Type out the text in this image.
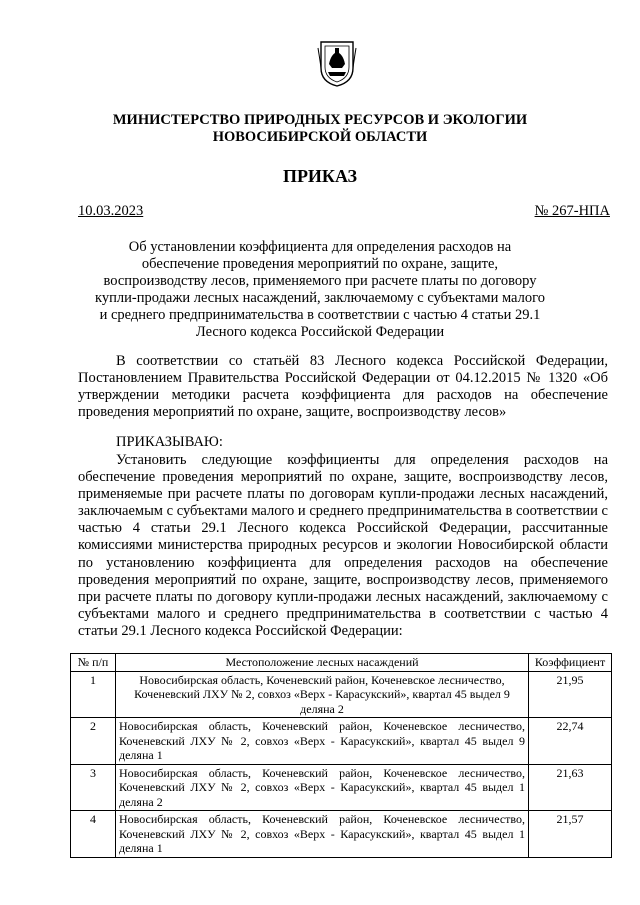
МИНИСТЕРСТВО ПРИРОДНЫХ РЕСУРСОВ И ЭКОЛОГИИ
НОВОСИБИРСКОЙ ОБЛАСТИ
ПРИКАЗ
10.03.2023	№ 267-НПА
Об установлении коэффициента для определения расходов на обеспечение проведения мероприятий по охране, защите, воспроизводству лесов, применяемого при расчете платы по договору купли-продажи лесных насаждений, заключаемому с субъектами малого и среднего предпринимательства в соответствии с частью 4 статьи 29.1 Лесного кодекса Российской Федерации
В соответствии со статьёй 83 Лесного кодекса Российской Федерации, Постановлением Правительства Российской Федерации от 04.12.2015 № 1320 «Об утверждении методики расчета коэффициента для расходов на обеспечение проведения мероприятий по охране, защите, воспроизводству лесов»
ПРИКАЗЫВАЮ:
Установить следующие коэффициенты для определения расходов на обеспечение проведения мероприятий по охране, защите, воспроизводству лесов, применяемые при расчете платы по договорам купли-продажи лесных насаждений, заключаемым с субъектами малого и среднего предпринимательства в соответствии с частью 4 статьи 29.1 Лесного кодекса Российской Федерации, рассчитанные комиссиями министерства природных ресурсов и экологии Новосибирской области по установлению коэффициента для определения расходов на обеспечение проведения мероприятий по охране, защите, воспроизводству лесов, применяемого при расчете платы по договору купли-продажи лесных насаждений, заключаемому с субъектами малого и среднего предпринимательства в соответствии с частью 4 статьи 29.1 Лесного кодекса Российской Федерации:
№ п/п	Местоположение лесных насаждений	Коэффициент
1	Новосибирская область, Коченевский район, Коченевское лесничество, Коченевский ЛХУ № 2, совхоз «Верх - Карасукский», квартал 45 выдел 9 деляна 2	21,95
2	Новосибирская область, Коченевский район, Коченевское лесничество, Коченевский ЛХУ № 2, совхоз «Верх - Карасукский», квартал 45 выдел 9 деляна 1	22,74
3	Новосибирская область, Коченевский район, Коченевское лесничество, Коченевский ЛХУ № 2, совхоз «Верх - Карасукский», квартал 45 выдел 1 деляна 2	21,63
4	Новосибирская область, Коченевский район, Коченевское лесничество, Коченевский ЛХУ № 2, совхоз «Верх - Карасукский», квартал 45 выдел 1 деляна 1	21,57
